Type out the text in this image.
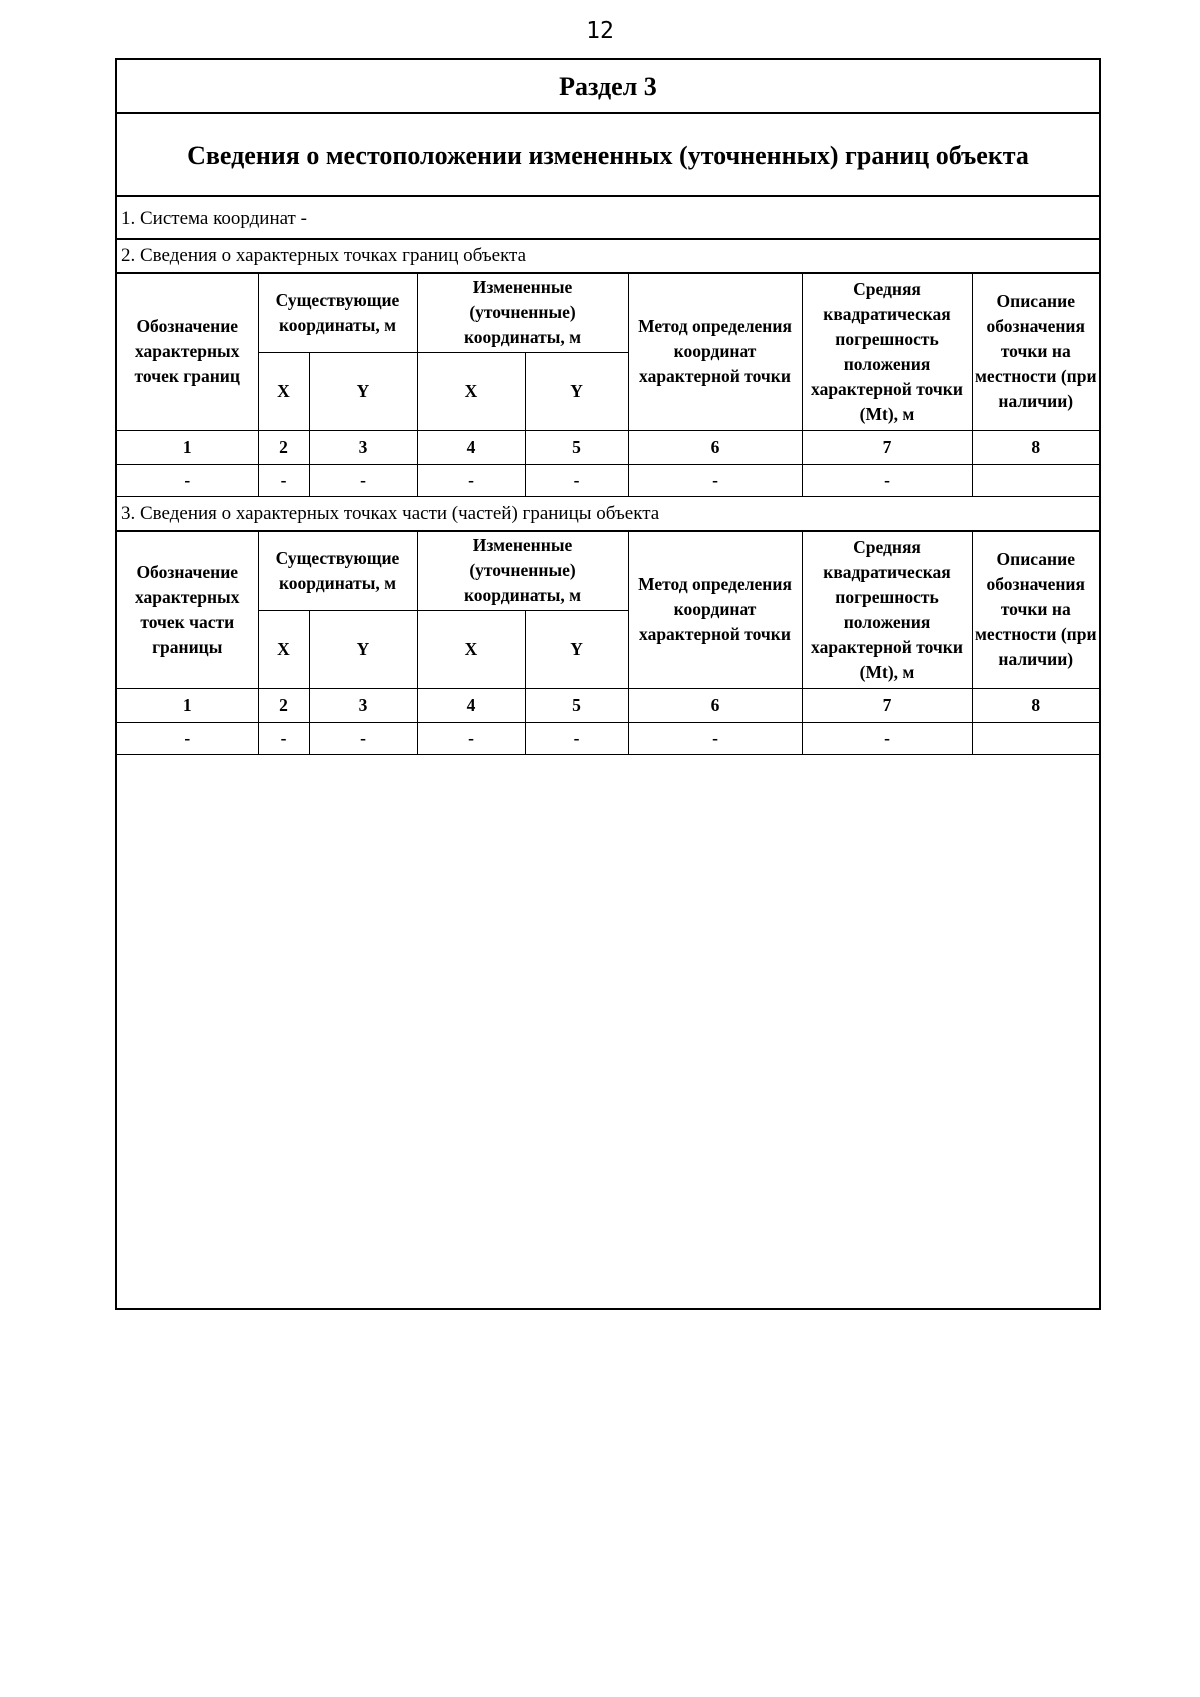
12
Раздел 3
Сведения о местоположении измененных (уточненных) границ объекта
1. Система координат -
2. Сведения о характерных точках границ объекта
Обозначение характерных точек границ	Существующие координаты, м		Измененные (уточненные) координаты, м		Метод определения координат характерной точки	Средняя квадратическая погрешность положения характерной точки (Mt), м	Описание обозначения точки на местности (при наличии)
	X	Y	X	Y			
1	2	3	4	5	6	7	8
-	-	-	-	-	-	-	
3. Сведения о характерных точках части (частей) границы объекта
Обозначение характерных точек части границы	Существующие координаты, м		Измененные (уточненные) координаты, м		Метод определения координат характерной точки	Средняя квадратическая погрешность положения характерной точки (Mt), м	Описание обозначения точки на местности (при наличии)
	X	Y	X	Y			
1	2	3	4	5	6	7	8
-	-	-	-	-	-	-	
